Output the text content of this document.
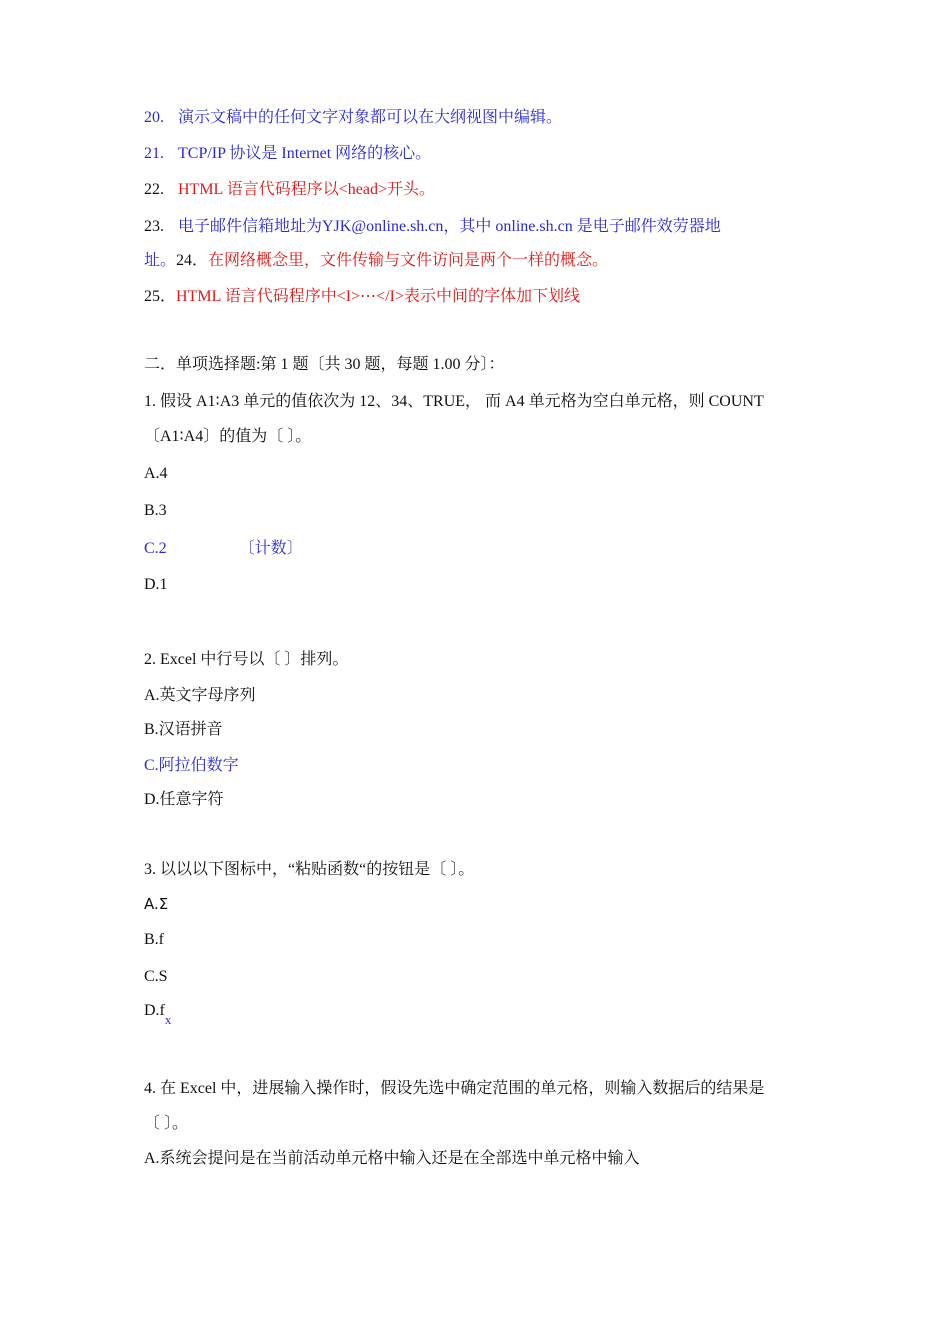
20. 演示文稿中的任何文字对象都可以在大纲视图中编辑。
21. TCP/IP 协议是 Internet 网络的核心。
22. HTML 语言代码程序以<head>开头。
23. 电子邮件信箱地址为YJK@online.sh.cn，其中 online.sh.cn 是电子邮件效劳器地
址。24．在网络概念里，文件传输与文件访问是两个一样的概念。
25．HTML 语言代码程序中<I>⋯</I>表示中间的字体加下划线
二．单项选择题:第 1 题〔共 30 题，每题 1.00 分〕：
1. 假设 A1∶A3 单元的值依次为 12、34、TRUE， 而 A4 单元格为空白单元格，则 COUNT
〔A1∶A4〕的值为〔 〕。
A.4
B.3
C.2	〔计数〕
D.1
2. Excel 中行号以〔 〕排列。
A.英文字母序列
B.汉语拼音
C.阿拉伯数字
D.任意字符
3. 以以以下图标中，“粘贴函数“的按钮是〔 〕。
A.Σ
B.f
C.S
$D.f_x$
4. 在 Excel 中，进展输入操作时，假设先选中确定范围的单元格，则输入数据后的结果是
〔 〕。
A.系统会提问是在当前活动单元格中输入还是在全部选中单元格中输入
